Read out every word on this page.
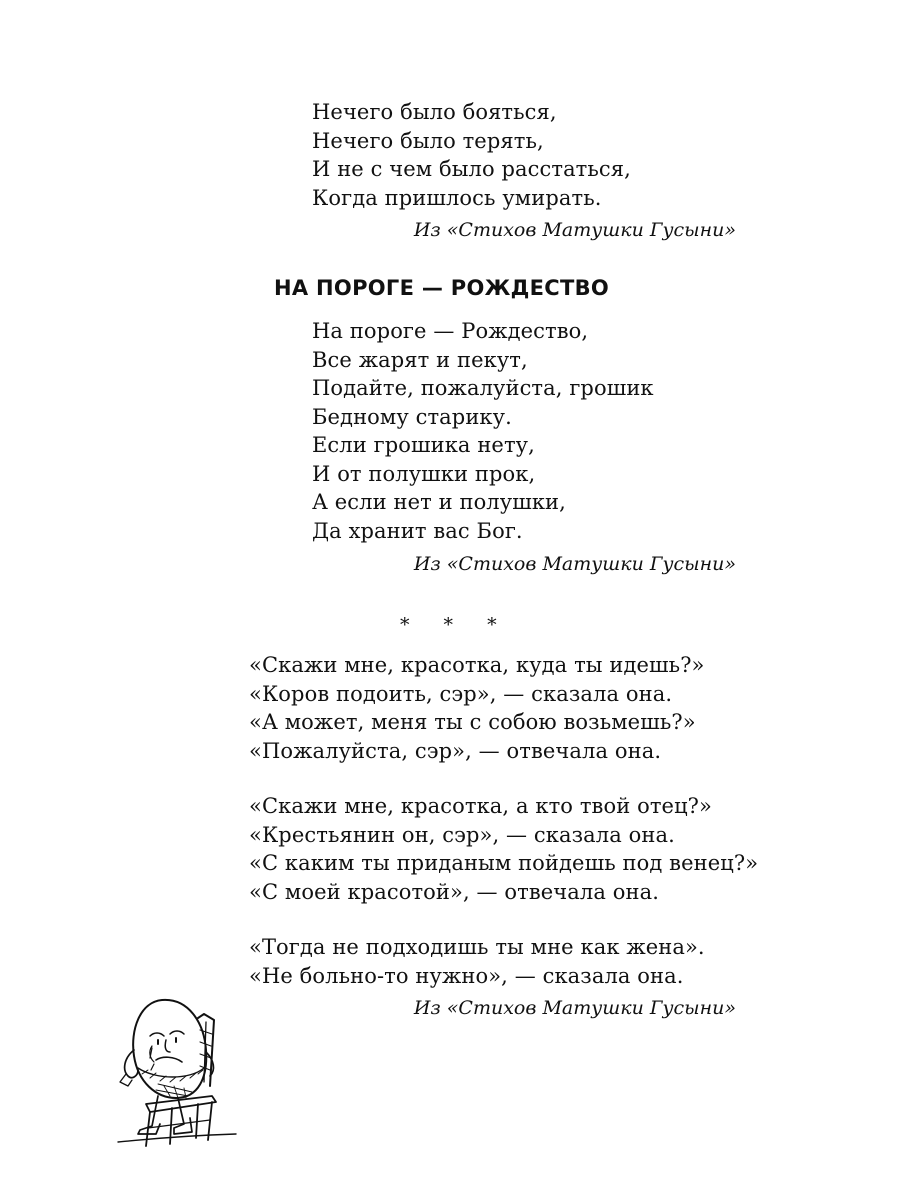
Нечего было бояться,
Нечего было терять,
И не с чем было расстаться,
Когда пришлось умирать.
Из «Стихов Матушки Гусыни»
НА ПОРОГЕ — РОЖДЕСТВО
На пороге — Рождество,
Все жарят и пекут,
Подайте, пожалуйста, грошик
Бедному старику.
Если грошика нету,
И от полушки прок,
А если нет и полушки,
Да хранит вас Бог.
Из «Стихов Матушки Гусыни»
* * *
«Скажи мне, красотка, куда ты идешь?»
«Коров подоить, сэр», — сказала она.
«А может, меня ты с собою возьмешь?»
«Пожалуйста, сэр», — отвечала она.
«Скажи мне, красотка, а кто твой отец?»
«Крестьянин он, сэр», — сказала она.
«С каким ты приданым пойдешь под венец?»
«С моей красотой», — отвечала она.
«Тогда не подходишь ты мне как жена».
«Не больно-то нужно», — сказала она.
Из «Стихов Матушки Гусыни»
